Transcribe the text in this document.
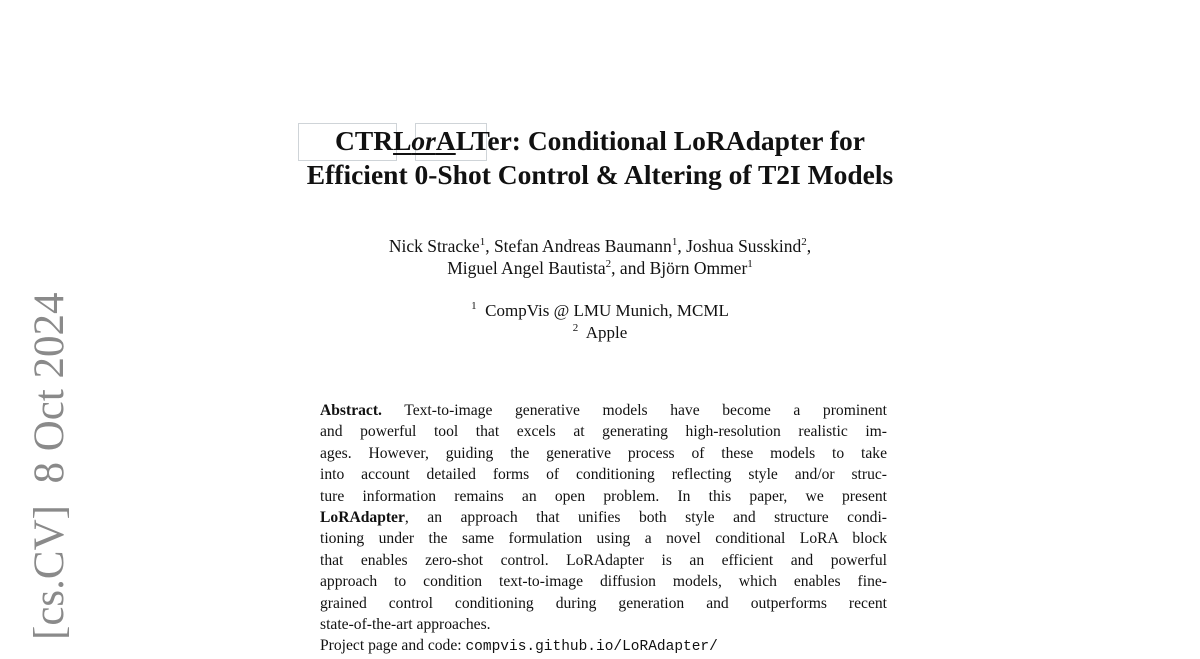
[cs.CV]  8 Oct 2024
CTRLorALTer: Conditional LoRAdapter for
Efficient 0-Shot Control & Altering of T2I Models
Nick Stracke$^1$, Stefan Andreas Baumann$^1$, Joshua Susskind$^2$,
Miguel Angel Bautista$^2$, and Björn Ommer$^1$
$^1$ CompVis @ LMU Munich, MCML
$^2$ Apple
Abstract. Text-to-image generative models have become a prominent
and powerful tool that excels at generating high-resolution realistic im-
ages. However, guiding the generative process of these models to take
into account detailed forms of conditioning reflecting style and/or struc-
ture information remains an open problem. In this paper, we present
LoRAdapter, an approach that unifies both style and structure condi-
tioning under the same formulation using a novel conditional LoRA block
that enables zero-shot control. LoRAdapter is an efficient and powerful
approach to condition text-to-image diffusion models, which enables fine-
grained control conditioning during generation and outperforms recent
state-of-the-art approaches.
Project page and code: compvis.github.io/LoRAdapter/
